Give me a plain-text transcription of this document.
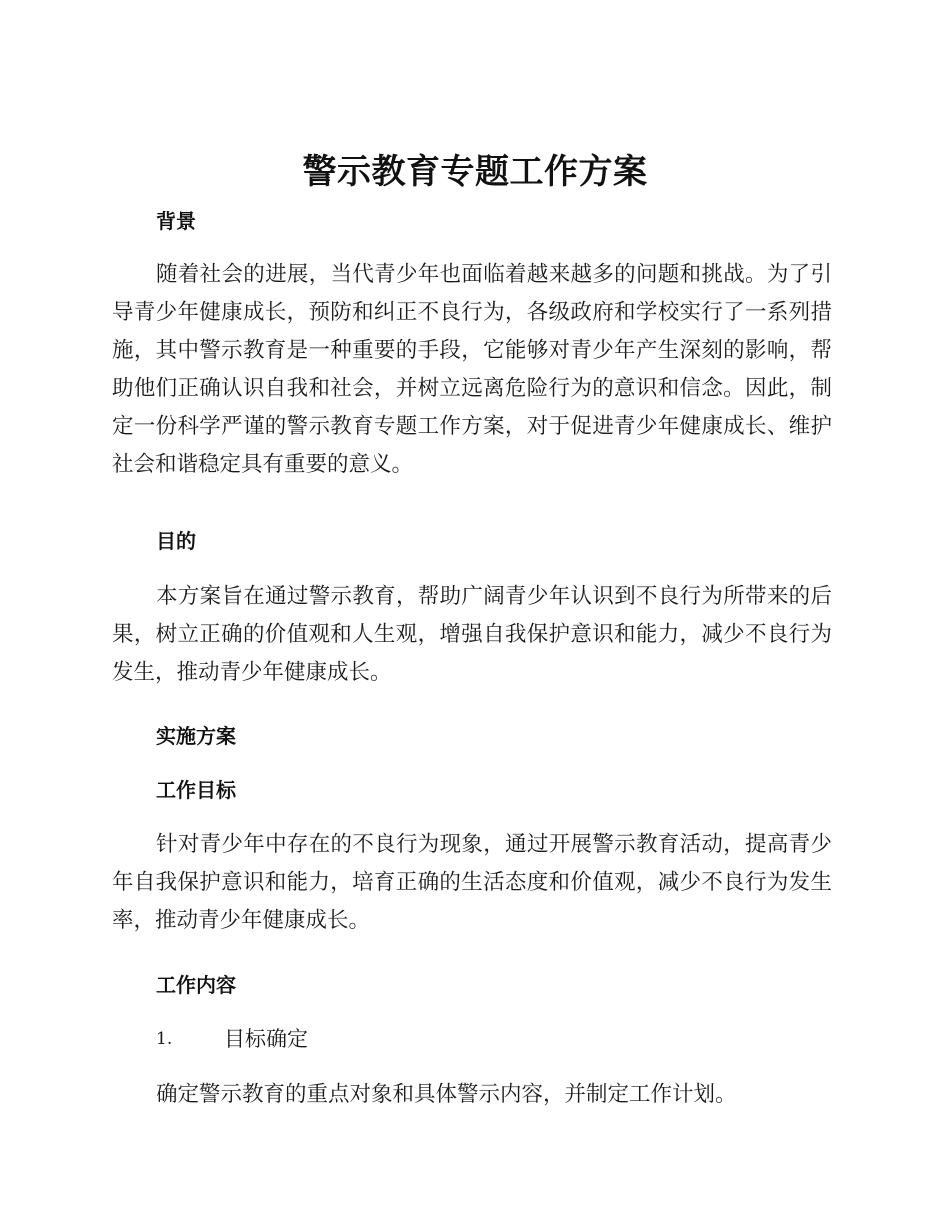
警示教育专题工作方案
背景
随着社会的进展，当代青少年也面临着越来越多的问题和挑战。为了引导青少年健康成长，预防和纠正不良行为，各级政府和学校实行了一系列措施，其中警示教育是一种重要的手段，它能够对青少年产生深刻的影响，帮助他们正确认识自我和社会，并树立远离危险行为的意识和信念。因此，制定一份科学严谨的警示教育专题工作方案，对于促进青少年健康成长、维护社会和谐稳定具有重要的意义。
目的
本方案旨在通过警示教育，帮助广阔青少年认识到不良行为所带来的后果，树立正确的价值观和人生观，增强自我保护意识和能力，减少不良行为发生，推动青少年健康成长。
实施方案
工作目标
针对青少年中存在的不良行为现象，通过开展警示教育活动，提高青少年自我保护意识和能力，培育正确的生活态度和价值观，减少不良行为发生率，推动青少年健康成长。
工作内容
1. 目标确定
确定警示教育的重点对象和具体警示内容，并制定工作计划。
